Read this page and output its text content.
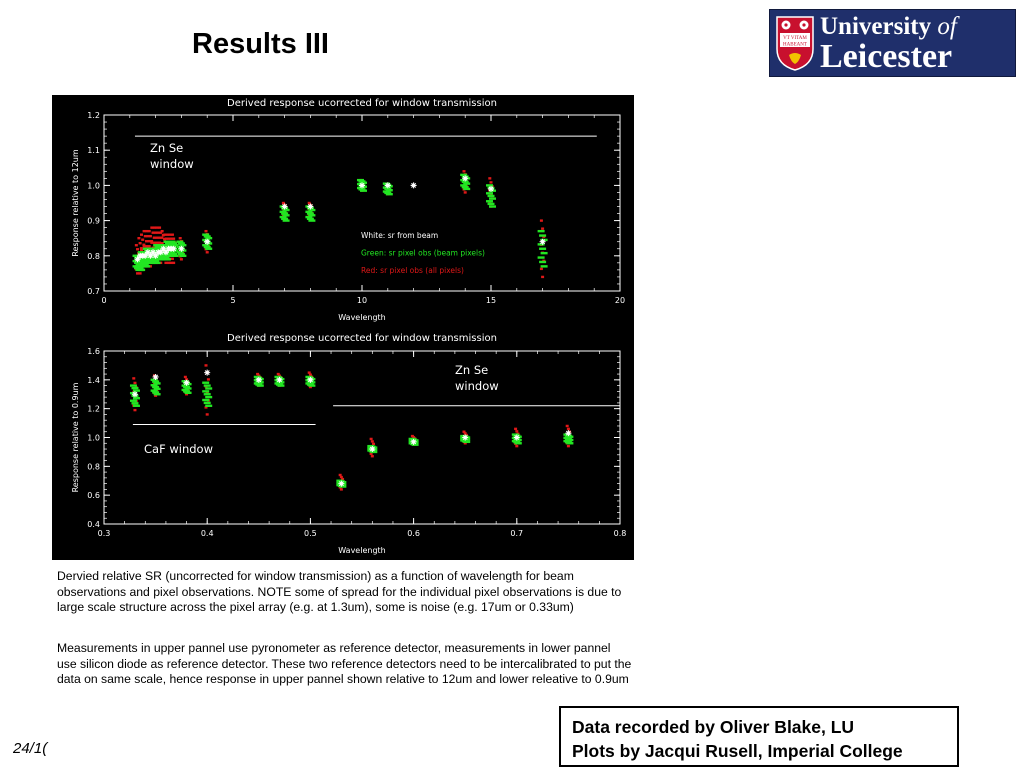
Results III	VT VITAM
HABEANT
University of
Leicester
Derived response ucorrected for window transmission
0	5	10	15	20
0.7
0.8
0.9
1.0
1.1
1.2
Wavelength
Response relative to 12um
Zn Se
window
White: sr from beam
Green: sr pixel obs (beam pixels)
Red: sr pixel obs (all pixels)
Derived response ucorrected for window transmission
0.3	0.4	0.5	0.6	0.7	0.8
0.4
0.6
0.8
1.0
1.2
1.4
1.6
Wavelength
Response relative to 0.9um
Zn Se
window
CaF window
Dervied relative SR (uncorrected for window transmission) as a function of wavelength for beam observations and pixel observations. NOTE some of spread for the individual pixel observations is due to large scale structure across the pixel array (e.g. at 1.3um), some is noise (e.g. 17um or 0.33um)
Measurements in upper pannel use pyronometer as reference detector, measurements in lower pannel use silicon diode as reference detector. These two reference detectors need to be intercalibrated to put the data on same scale, hence response in upper pannel shown relative to 12um and lower releative to 0.9um
Data recorded by Oliver Blake, LU
Plots by Jacqui Rusell, Imperial College
24/1(
